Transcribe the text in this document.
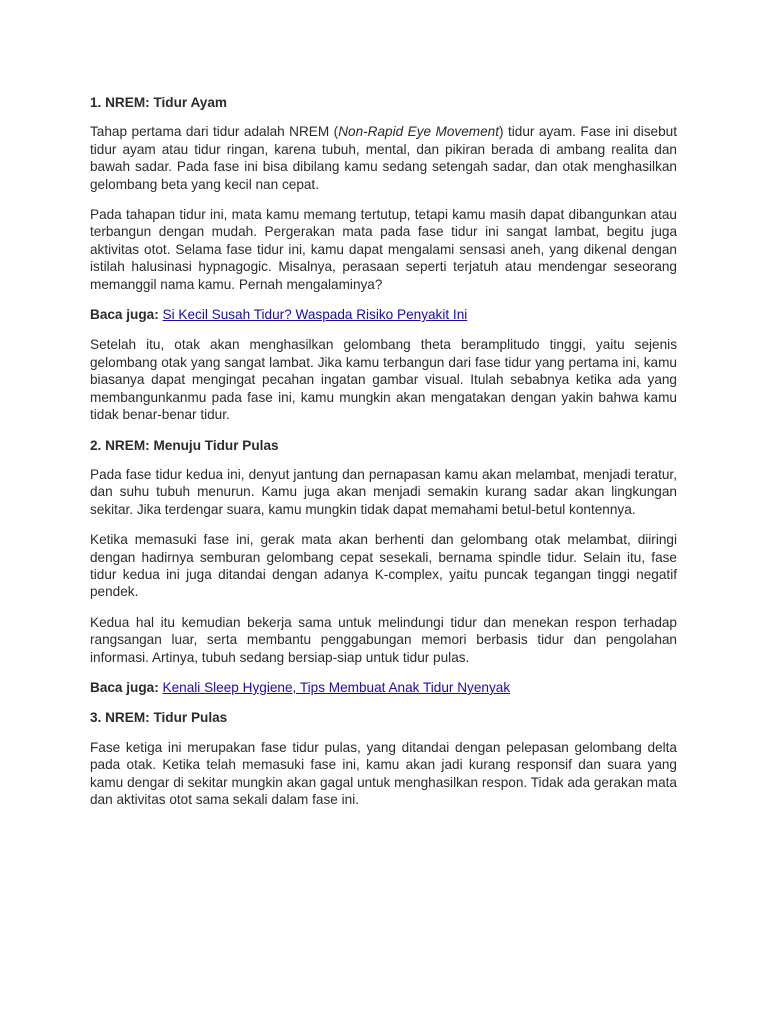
1. NREM: Tidur Ayam

Tahap pertama dari tidur adalah NREM (Non-Rapid Eye Movement) tidur ayam. Fase ini disebut tidur ayam atau tidur ringan, karena tubuh, mental, dan pikiran berada di ambang realita dan bawah sadar. Pada fase ini bisa dibilang kamu sedang setengah sadar, dan otak menghasilkan gelombang beta yang kecil nan cepat.

Pada tahapan tidur ini, mata kamu memang tertutup, tetapi kamu masih dapat dibangunkan atau terbangun dengan mudah. Pergerakan mata pada fase tidur ini sangat lambat, begitu juga aktivitas otot. Selama fase tidur ini, kamu dapat mengalami sensasi aneh, yang dikenal dengan istilah halusinasi hypnagogic. Misalnya, perasaan seperti terjatuh atau mendengar seseorang memanggil nama kamu. Pernah mengalaminya?

Baca juga: Si Kecil Susah Tidur? Waspada Risiko Penyakit Ini

Setelah itu, otak akan menghasilkan gelombang theta beramplitudo tinggi, yaitu sejenis gelombang otak yang sangat lambat. Jika kamu terbangun dari fase tidur yang pertama ini, kamu biasanya dapat mengingat pecahan ingatan gambar visual. Itulah sebabnya ketika ada yang membangunkanmu pada fase ini, kamu mungkin akan mengatakan dengan yakin bahwa kamu tidak benar-benar tidur.

2. NREM: Menuju Tidur Pulas

Pada fase tidur kedua ini, denyut jantung dan pernapasan kamu akan melambat, menjadi teratur, dan suhu tubuh menurun. Kamu juga akan menjadi semakin kurang sadar akan lingkungan sekitar. Jika terdengar suara, kamu mungkin tidak dapat memahami betul-betul kontennya.

Ketika memasuki fase ini, gerak mata akan berhenti dan gelombang otak melambat, diiringi dengan hadirnya semburan gelombang cepat sesekali, bernama spindle tidur. Selain itu, fase tidur kedua ini juga ditandai dengan adanya K-complex, yaitu puncak tegangan tinggi negatif pendek.

Kedua hal itu kemudian bekerja sama untuk melindungi tidur dan menekan respon terhadap rangsangan luar, serta membantu penggabungan memori berbasis tidur dan pengolahan informasi. Artinya, tubuh sedang bersiap-siap untuk tidur pulas.

Baca juga: Kenali Sleep Hygiene, Tips Membuat Anak Tidur Nyenyak

3. NREM: Tidur Pulas

Fase ketiga ini merupakan fase tidur pulas, yang ditandai dengan pelepasan gelombang delta pada otak. Ketika telah memasuki fase ini, kamu akan jadi kurang responsif dan suara yang kamu dengar di sekitar mungkin akan gagal untuk menghasilkan respon. Tidak ada gerakan mata dan aktivitas otot sama sekali dalam fase ini.
